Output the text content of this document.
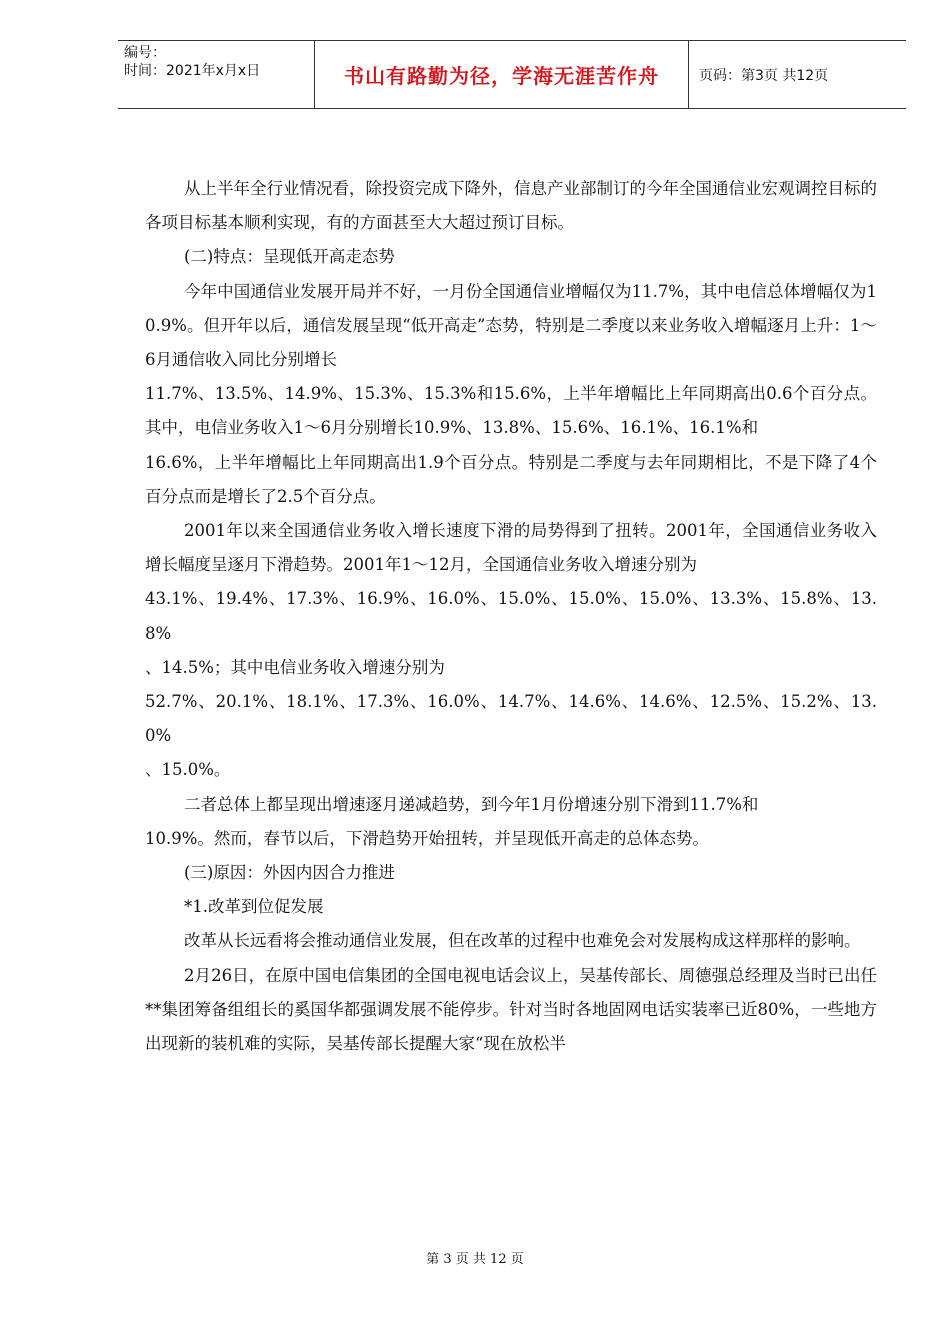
编号：
时间：2021年x月x日	书山有路勤为径，学海无涯苦作舟	页码：第3页 共12页

从上半年全行业情况看，除投资完成下降外，信息产业部制订的今年全国通信业宏观调控目标的各项目标基本顺利实现，有的方面甚至大大超过预订目标。

(二)特点：呈现低开高走态势

今年中国通信业发展开局并不好，一月份全国通信业增幅仅为11.7%，其中电信总体增幅仅为10.9%。但开年以后，通信发展呈现“低开高走”态势，特别是二季度以来业务收入增幅逐月上升：1～6月通信收入同比分别增长

11.7%、13.5%、14.9%、15.3%、15.3%和15.6%，上半年增幅比上年同期高出0.6个百分点。其中，电信业务收入1～6月分别增长10.9%、13.8%、15.6%、16.1%、16.1%和

16.6%，上半年增幅比上年同期高出1.9个百分点。特别是二季度与去年同期相比，不是下降了4个百分点而是增长了2.5个百分点。

2001年以来全国通信业务收入增长速度下滑的局势得到了扭转。2001年，全国通信业务收入增长幅度呈逐月下滑趋势。2001年1～12月，全国通信业务收入增速分别为

43.1%、19.4%、17.3%、16.9%、16.0%、15.0%、15.0%、15.0%、13.3%、15.8%、13.8%

、14.5%；其中电信业务收入增速分别为

52.7%、20.1%、18.1%、17.3%、16.0%、14.7%、14.6%、14.6%、12.5%、15.2%、13.0%

、15.0%。

二者总体上都呈现出增速逐月递减趋势，到今年1月份增速分别下滑到11.7%和

10.9%。然而，春节以后，下滑趋势开始扭转，并呈现低开高走的总体态势。

(三)原因：外因内因合力推进

*1.改革到位促发展

改革从长远看将会推动通信业发展，但在改革的过程中也难免会对发展构成这样那样的影响。

2月26日，在原中国电信集团的全国电视电话会议上，吴基传部长、周德强总经理及当时已出任**集团筹备组组长的奚国华都强调发展不能停步。针对当时各地固网电话实装率已近80%，一些地方出现新的装机难的实际，吴基传部长提醒大家“现在放松半

第 3 页 共 12 页
